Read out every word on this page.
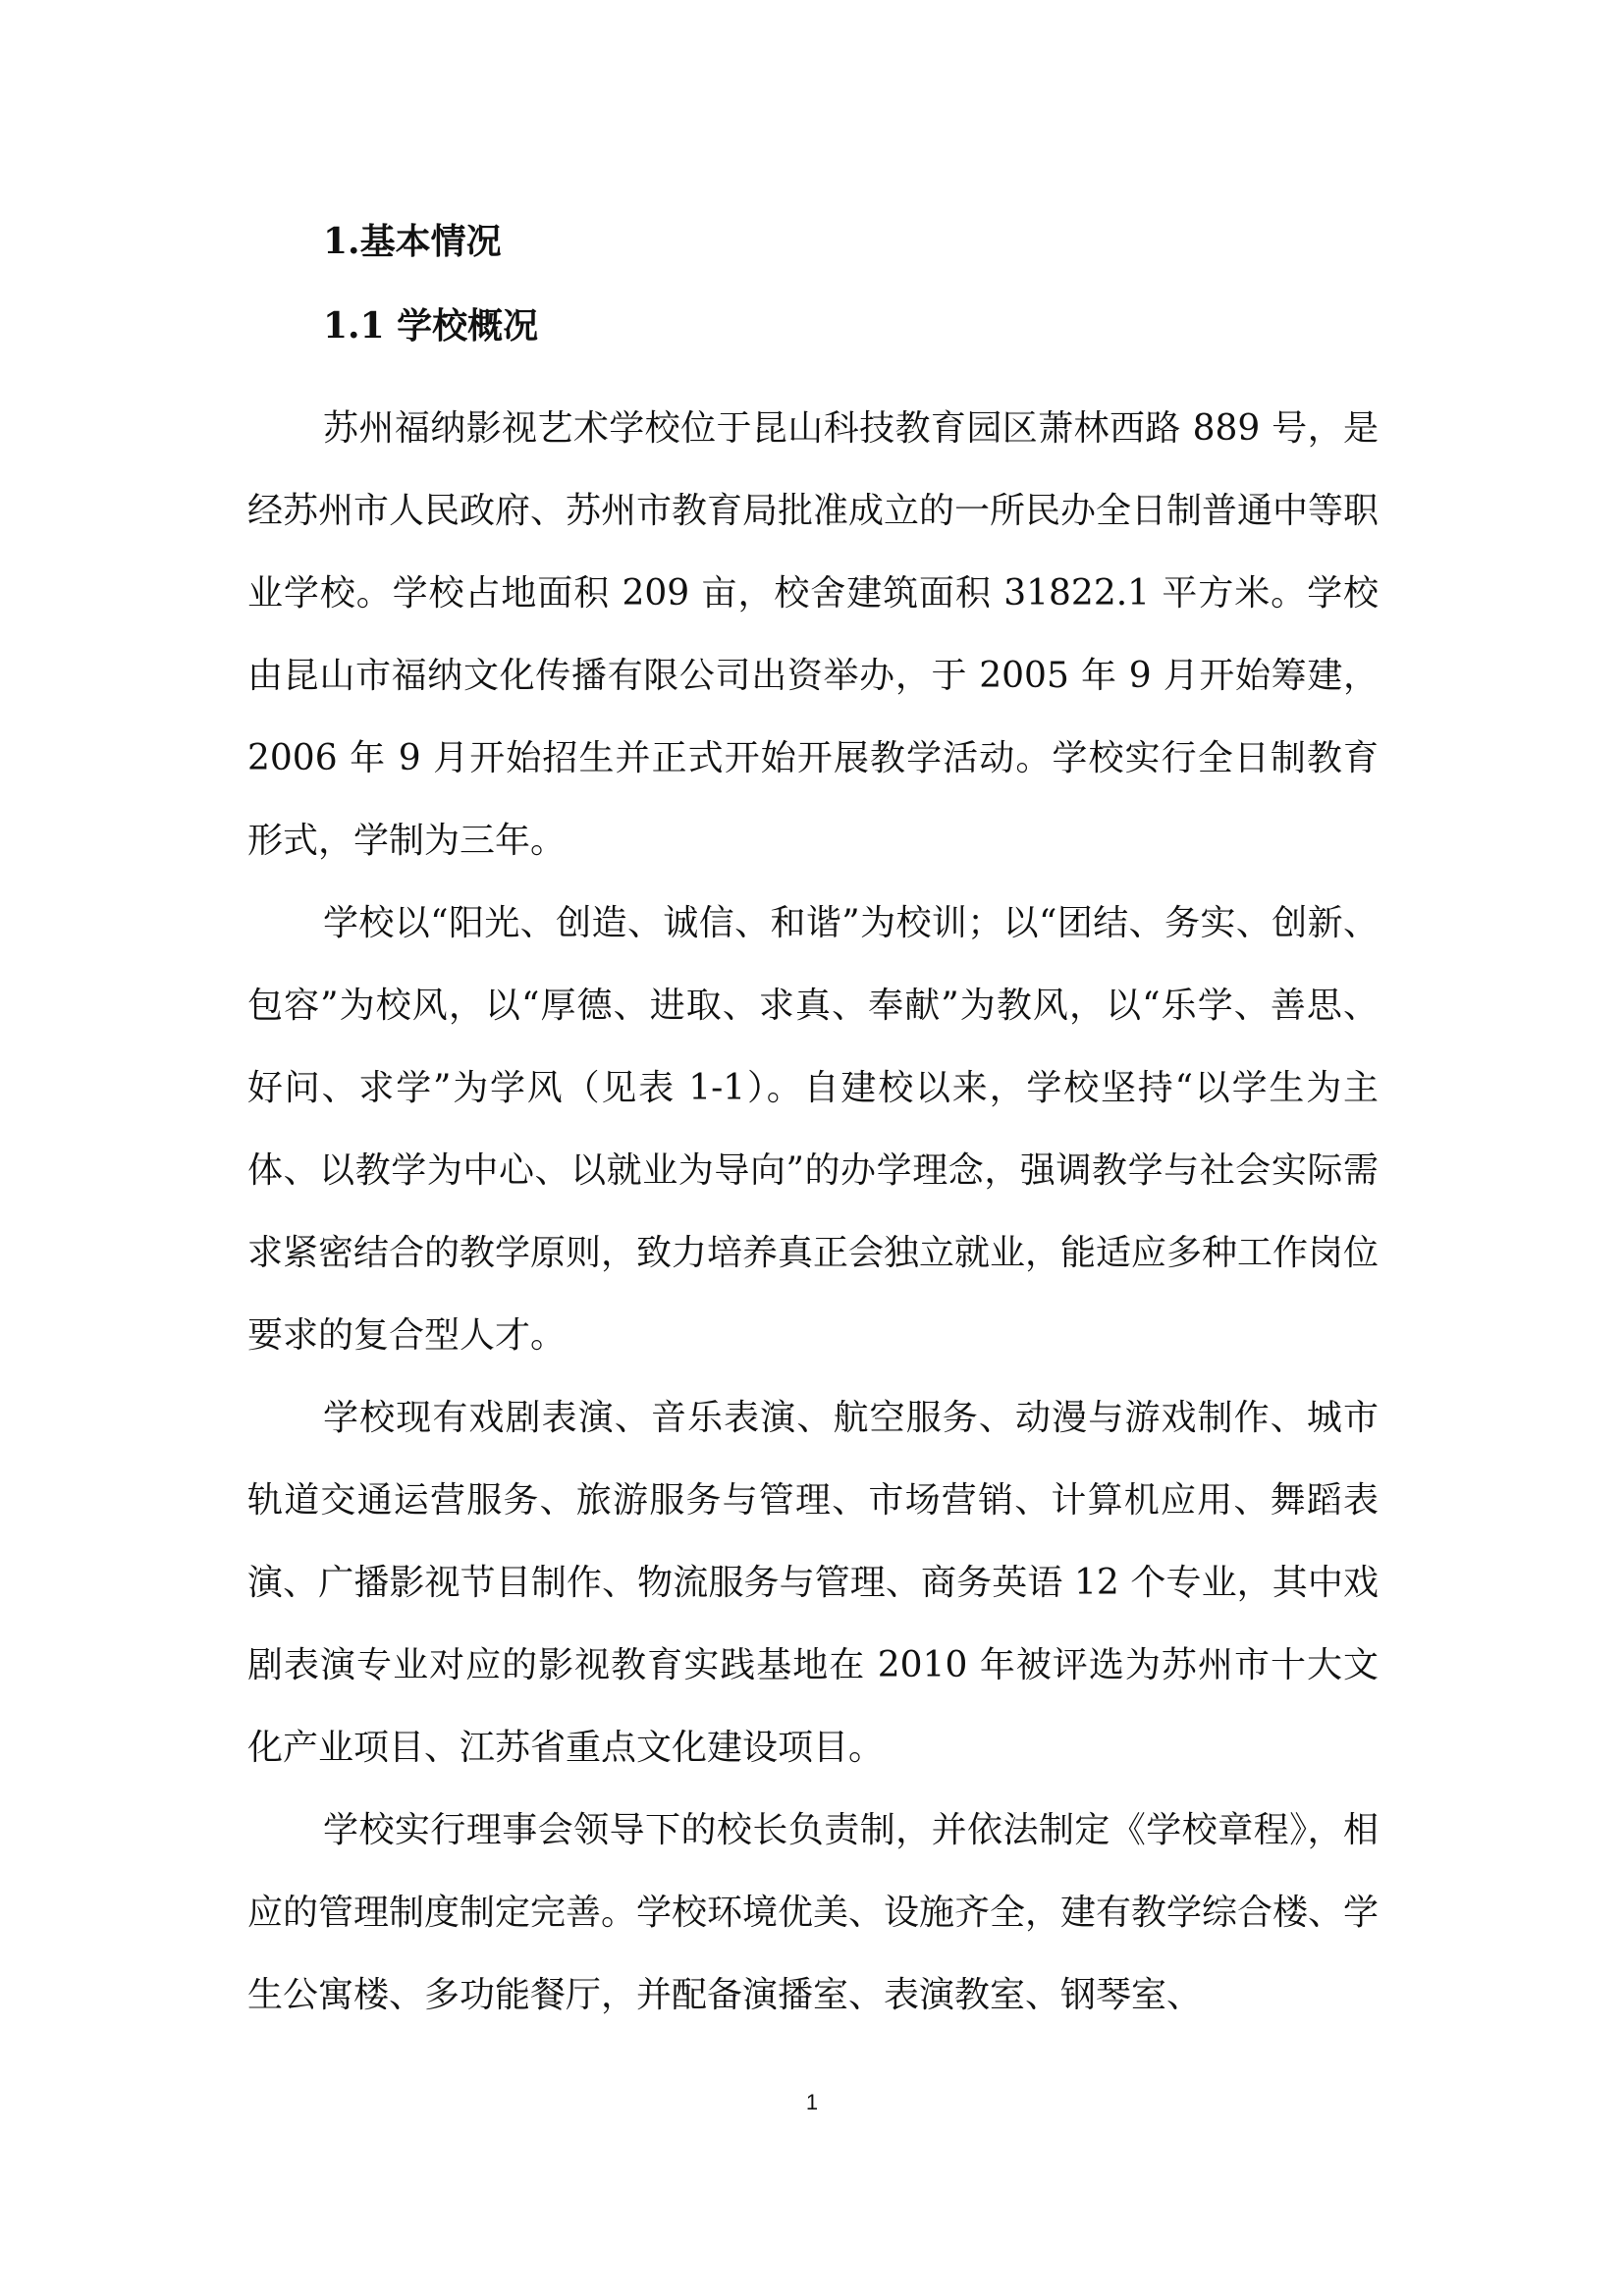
1.基本情况
1.1 学校概况

苏州福纳影视艺术学校位于昆山科技教育园区萧林西路 889 号，是经苏州市人民政府、苏州市教育局批准成立的一所民办全日制普通中等职业学校。学校占地面积 209 亩，校舍建筑面积 31822.1 平方米。学校由昆山市福纳文化传播有限公司出资举办，于 2005 年 9 月开始筹建，2006 年 9 月开始招生并正式开始开展教学活动。学校实行全日制教育形式，学制为三年。

学校以“阳光、创造、诚信、和谐”为校训；以“团结、务实、创新、包容”为校风，以“厚德、进取、求真、奉献”为教风，以“乐学、善思、好问、求学”为学风（见表 1-1）。自建校以来，学校坚持“以学生为主体、以教学为中心、以就业为导向”的办学理念，强调教学与社会实际需求紧密结合的教学原则，致力培养真正会独立就业，能适应多种工作岗位要求的复合型人才。

学校现有戏剧表演、音乐表演、航空服务、动漫与游戏制作、城市轨道交通运营服务、旅游服务与管理、市场营销、计算机应用、舞蹈表演、广播影视节目制作、物流服务与管理、商务英语 12 个专业，其中戏剧表演专业对应的影视教育实践基地在 2010 年被评选为苏州市十大文化产业项目、江苏省重点文化建设项目。

学校实行理事会领导下的校长负责制，并依法制定《学校章程》，相应的管理制度制定完善。学校环境优美、设施齐全，建有教学综合楼、学生公寓楼、多功能餐厅，并配备演播室、表演教室、钢琴室、

1
